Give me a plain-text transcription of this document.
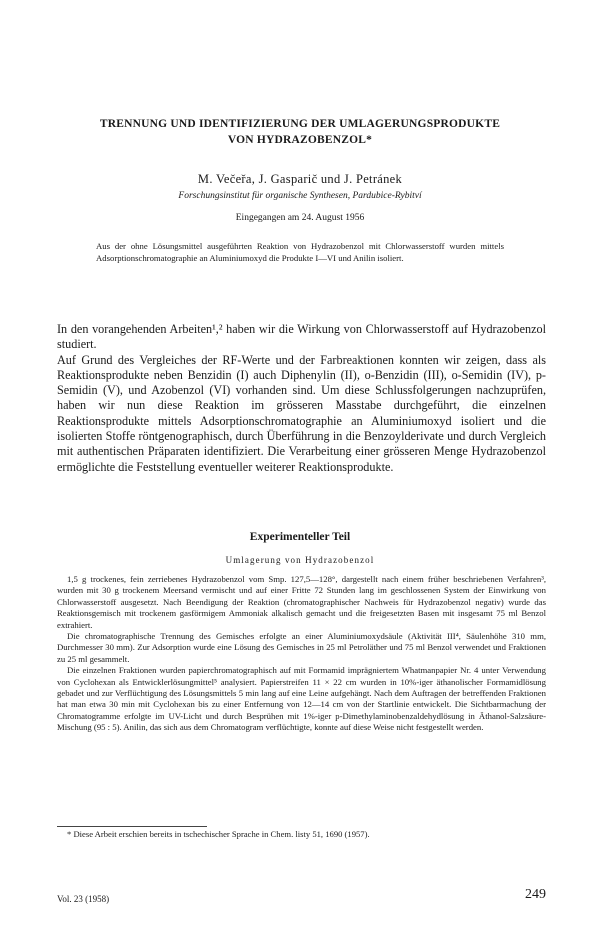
TRENNUNG UND IDENTIFIZIERUNG DER UMLAGERUNGSPRODUKTE
VON HYDRAZOBENZOL*
M. Večeřa, J. Gasparič und J. Petránek
Forschungsinstitut für organische Synthesen, Pardubice-Rybitví
Eingegangen am 24. August 1956
Aus der ohne Lösungsmittel ausgeführten Reaktion von Hydrazobenzol mit Chlorwasserstoff wurden mittels Adsorptionschromatographie an Aluminiumoxyd die Produkte I—VI und Anilin isoliert.

In den vorangehenden Arbeiten¹,² haben wir die Wirkung von Chlorwasserstoff auf Hydrazobenzol studiert.

Auf Grund des Vergleiches der RF-Werte und der Farbreaktionen konnten wir zeigen, dass als Reaktionsprodukte neben Benzidin (I) auch Diphenylin (II), o-Benzidin (III), o-Semidin (IV), p-Semidin (V), und Azobenzol (VI) vorhanden sind. Um diese Schlussfolgerungen nachzuprüfen, haben wir nun diese Reaktion im grösseren Masstabe durchgeführt, die einzelnen Reaktionsprodukte mittels Adsorptionschromatographie an Aluminiumoxyd isoliert und die isolierten Stoffe röntgenographisch, durch Überführung in die Benzoylderivate und durch Vergleich mit authentischen Präparaten identifiziert. Die Verarbeitung einer grösseren Menge Hydrazobenzol ermöglichte die Feststellung eventueller weiterer Reaktionsprodukte.

Experimenteller Teil
Umlagerung von Hydrazobenzol

1,5 g trockenes, fein zerriebenes Hydrazobenzol vom Smp. 127,5—128°, dargestellt nach einem früher beschriebenen Verfahren³, wurden mit 30 g trockenem Meersand vermischt und auf einer Fritte 72 Stunden lang im geschlossenen System der Einwirkung von Chlorwasserstoff ausgesetzt. Nach Beendigung der Reaktion (chromatographischer Nachweis für Hydrazobenzol negativ) wurde das Reaktionsgemisch mit trockenem gasförmigem Ammoniak alkalisch gemacht und die freigesetzten Basen mit insgesamt 75 ml Benzol extrahiert.

Die chromatographische Trennung des Gemisches erfolgte an einer Aluminiumoxydsäule (Aktivität III⁴, Säulenhöhe 310 mm, Durchmesser 30 mm). Zur Adsorption wurde eine Lösung des Gemisches in 25 ml Petroläther und 75 ml Benzol verwendet und Fraktionen zu 25 ml gesammelt.

Die einzelnen Fraktionen wurden papierchromatographisch auf mit Formamid imprägniertem Whatmanpapier Nr. 4 unter Verwendung von Cyclohexan als Entwicklerlösungmittel⁵ analysiert. Papierstreifen 11 × 22 cm wurden in 10%-iger äthanolischer Formamidlösung gebadet und zur Verflüchtigung des Lösungsmittels 5 min lang auf eine Leine aufgehängt. Nach dem Auftragen der betreffenden Fraktionen hat man etwa 30 min mit Cyclohexan bis zu einer Entfernung von 12—14 cm von der Startlinie entwickelt. Die Sichtbarmachung der Chromatogramme erfolgte im UV-Licht und durch Besprühen mit 1%-iger p-Dimethylaminobenzaldehydlösung in Äthanol-Salzsäure-Mischung (95 : 5). Anilin, das sich aus dem Chromatogram verflüchtigte, konnte auf diese Weise nicht festgestellt werden.

* Diese Arbeit erschien bereits in tschechischer Sprache in Chem. listy 51, 1690 (1957).
Vol. 23 (1958)	249
